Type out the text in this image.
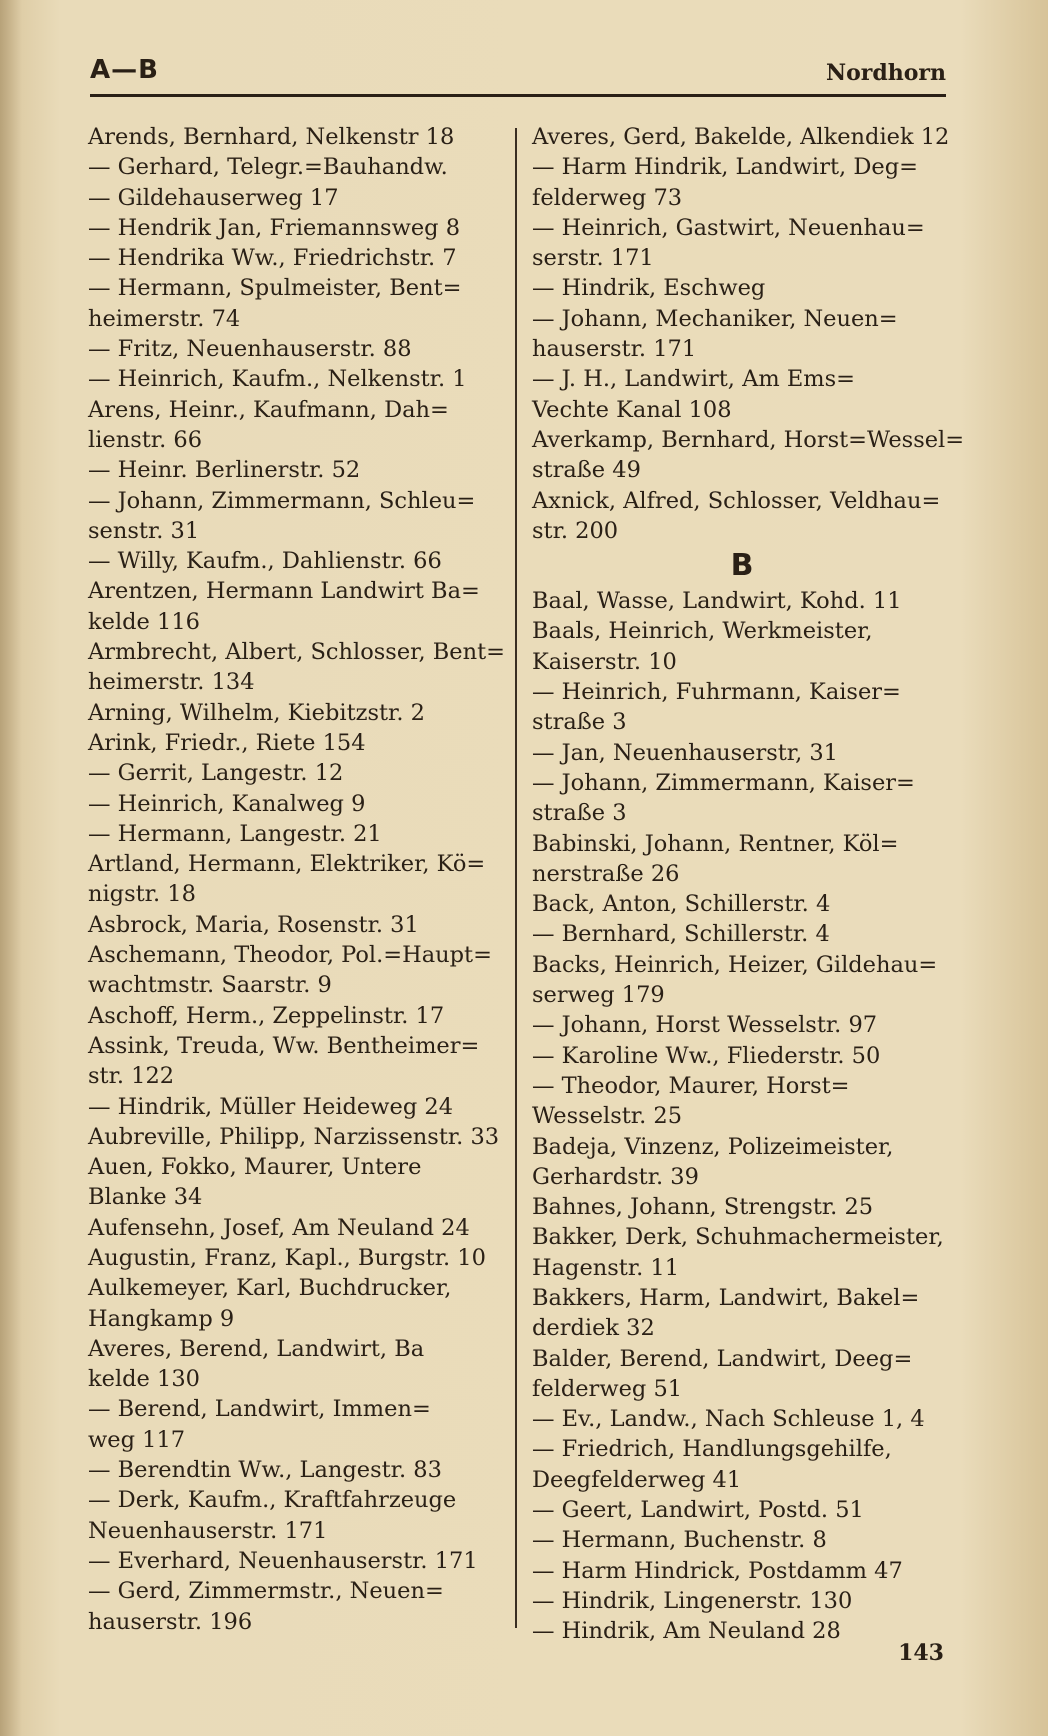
A—B	Nordhorn
Arends, Bernhard, Nelkenstr 18
— Gerhard, Telegr.=Bauhandw.
— Gildehauserweg 17
— Hendrik Jan, Friemannsweg 8
— Hendrika Ww., Friedrichstr. 7
— Hermann, Spulmeister, Bent=
heimerstr. 74
— Fritz, Neuenhauserstr. 88
— Heinrich, Kaufm., Nelkenstr. 1
Arens, Heinr., Kaufmann, Dah=
lienstr. 66
— Heinr. Berlinerstr. 52
— Johann, Zimmermann, Schleu=
senstr. 31
— Willy, Kaufm., Dahlienstr. 66
Arentzen, Hermann Landwirt Ba=
kelde 116
Armbrecht, Albert, Schlosser, Bent=
heimerstr. 134
Arning, Wilhelm, Kiebitzstr. 2
Arink, Friedr., Riete 154
— Gerrit, Langestr. 12
— Heinrich, Kanalweg 9
— Hermann, Langestr. 21
Artland, Hermann, Elektriker, Kö=
nigstr. 18
Asbrock, Maria, Rosenstr. 31
Aschemann, Theodor, Pol.=Haupt=
wachtmstr. Saarstr. 9
Aschoff, Herm., Zeppelinstr. 17
Assink, Treuda, Ww. Bentheimer=
str. 122
— Hindrik, Müller Heideweg 24
Aubreville, Philipp, Narzissenstr. 33
Auen, Fokko, Maurer, Untere
Blanke 34
Aufensehn, Josef, Am Neuland 24
Augustin, Franz, Kapl., Burgstr. 10
Aulkemeyer, Karl, Buchdrucker,
Hangkamp 9
Averes, Berend, Landwirt, Ba
kelde 130
— Berend, Landwirt, Immen=
weg 117
— Berendtin Ww., Langestr. 83
— Derk, Kaufm., Kraftfahrzeuge
Neuenhauserstr. 171
— Everhard, Neuenhauserstr. 171
— Gerd, Zimmermstr., Neuen=
hauserstr. 196
Averes, Gerd, Bakelde, Alkendiek 12
— Harm Hindrik, Landwirt, Deg=
felderweg 73
— Heinrich, Gastwirt, Neuenhau=
serstr. 171
— Hindrik, Eschweg
— Johann, Mechaniker, Neuen=
hauserstr. 171
— J. H., Landwirt, Am Ems=
Vechte Kanal 108
Averkamp, Bernhard, Horst=Wessel=
straße 49
Axnick, Alfred, Schlosser, Veldhau=
str. 200
B
Baal, Wasse, Landwirt, Kohd. 11
Baals, Heinrich, Werkmeister,
Kaiserstr. 10
— Heinrich, Fuhrmann, Kaiser=
straße 3
— Jan, Neuenhauserstr, 31
— Johann, Zimmermann, Kaiser=
straße 3
Babinski, Johann, Rentner, Köl=
nerstraße 26
Back, Anton, Schillerstr. 4
— Bernhard, Schillerstr. 4
Backs, Heinrich, Heizer, Gildehau=
serweg 179
— Johann, Horst Wesselstr. 97
— Karoline Ww., Fliederstr. 50
— Theodor, Maurer, Horst=
Wesselstr. 25
Badeja, Vinzenz, Polizeimeister,
Gerhardstr. 39
Bahnes, Johann, Strengstr. 25
Bakker, Derk, Schuhmachermeister,
Hagenstr. 11
Bakkers, Harm, Landwirt, Bakel=
derdiek 32
Balder, Berend, Landwirt, Deeg=
felderweg 51
— Ev., Landw., Nach Schleuse 1, 4
— Friedrich, Handlungsgehilfe,
Deegfelderweg 41
— Geert, Landwirt, Postd. 51
— Hermann, Buchenstr. 8
— Harm Hindrick, Postdamm 47
— Hindrik, Lingenerstr. 130
— Hindrik, Am Neuland 28
143
